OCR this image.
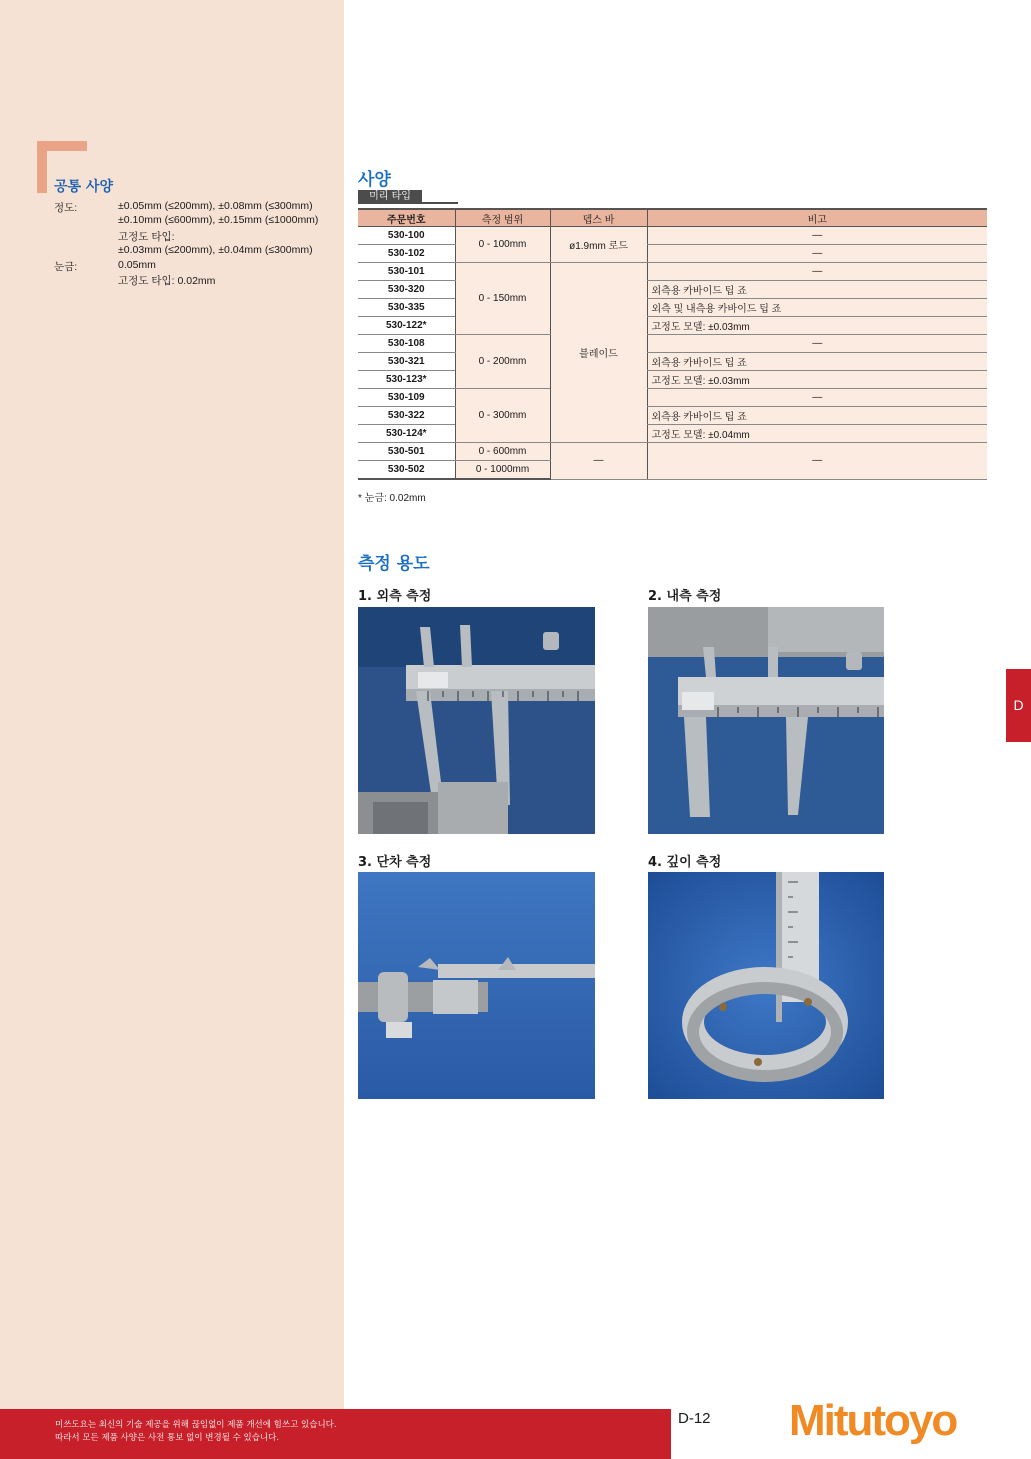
공통 사양
정도:	±0.05mm (≤200mm), ±0.08mm (≤300mm)
±0.10mm (≤600mm), ±0.15mm (≤1000mm)
고정도 타입:
±0.03mm (≤200mm), ±0.04mm (≤300mm)
눈금:	0.05mm
고정도 타입: 0.02mm
사양
미리 타입
주문번호	측정 범위	뎁스 바	비고
530-100	0 - 100mm	ø1.9mm 로드	—
530-102			—
530-101	0 - 150mm	블레이드	—
530-320			외측용 카바이드 팁 죠
530-335			외측 및 내측용 카바이드 팁 죠
530-122*			고정도 모델: ±0.03mm
530-108	0 - 200mm		—
530-321			외측용 카바이드 팁 죠
530-123*			고정도 모델: ±0.03mm
530-109	0 - 300mm		—
530-322			외측용 카바이드 팁 죠
530-124*			고정도 모델: ±0.04mm
530-501	0 - 600mm	—	—
530-502	0 - 1000mm		
* 눈금: 0.02mm
측정 용도
1. 외측 측정	2. 내측 측정
3. 단차 측정	4. 깊이 측정
D
미쓰도요는 최신의 기술 제공을 위해 끊임없이 제품 개선에 힘쓰고 있습니다.
따라서 모든 제품 사양은 사전 통보 없이 변경될 수 있습니다.
D-12 Mitutoyo
